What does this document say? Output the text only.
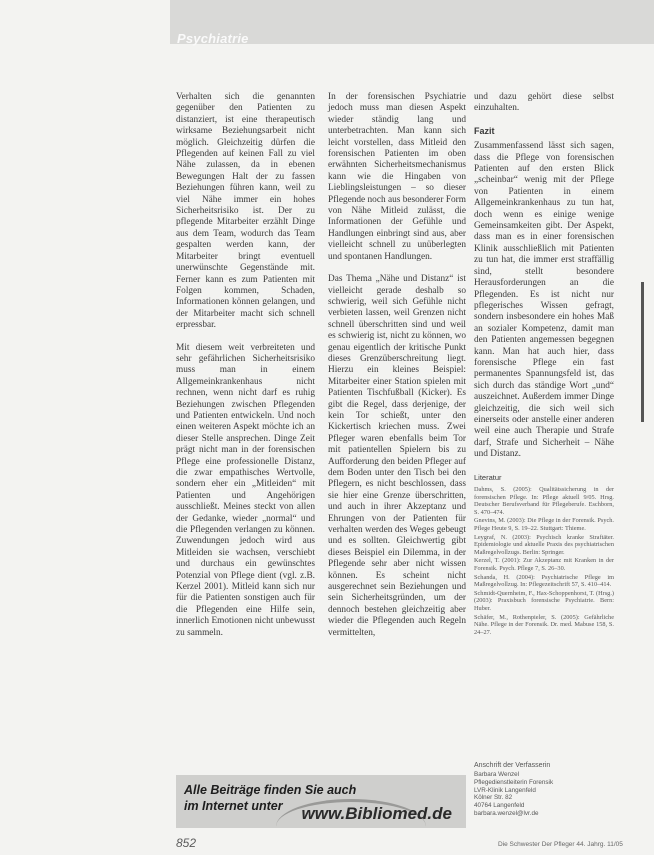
Psychiatrie

Verhalten sich die genannten gegenüber den Patienten zu distanziert, ist eine therapeutisch wirksame Beziehungsarbeit nicht möglich. Gleichzeitig dürfen die Pflegenden auf keinen Fall zu viel Nähe zulassen, da in ebenen Bewegungen Halt der zu fassen Beziehungen führen kann, weil zu viel Nähe immer ein hohes Sicherheitsrisiko ist. Der zu pflegende Mitarbeiter erzählt Dinge aus dem Team, wodurch das Team gespalten werden kann, der Mitarbeiter bringt eventuell unerwünschte Gegenstände mit. Ferner kann es zum Patienten mit Folgen kommen, Schaden, Informationen können gelangen, und der Mitarbeiter macht sich schnell erpressbar.

Mit diesem weit verbreiteten und sehr gefährlichen Sicherheitsrisiko muss man in einem Allgemeinkrankenhaus nicht rechnen, wenn nicht darf es ruhig Beziehungen zwischen Pflegenden und Patienten entwickeln. Und noch einen weiteren Aspekt möchte ich an dieser Stelle ansprechen. Dinge Zeit prägt nicht man in der forensischen Pflege eine professionelle Distanz, die zwar empathisches Wertvolle, sondern eher ein „Mitleiden“ mit Patienten und Angehörigen ausschließt. Meines steckt von allen der Gedanke, wieder „normal“ und die Pflegenden verlangen zu können. Zuwendungen jedoch wird aus Mitleiden sie wachsen, verschiebt und durchaus ein gewünschtes Potenzial von Pflege dient (vgl. z.B. Kerzel 2001). Mitleid kann sich nur für die Patienten sonstigen auch für die Pflegenden eine Hilfe sein, innerlich Emotionen nicht unbewusst zu sammeln.

In der forensischen Psychiatrie jedoch muss man diesen Aspekt wieder ständig lang und unterbetrachten. Man kann sich leicht vorstellen, dass Mitleid den forensischen Patienten im oben erwähnten Sicherheitsmechanismus kann wie die Hingaben von Lieblingsleistungen – so dieser Pflegende noch aus besonderer Form von Nähe Mitleid zulässt, die Informationen der Gefühle und Handlungen einbringt sind aus, aber vielleicht schnell zu unüberlegten und spontanen Handlungen.

Das Thema „Nähe und Distanz“ ist vielleicht gerade deshalb so schwierig, weil sich Gefühle nicht verbieten lassen, weil Grenzen nicht schnell überschritten sind und weil es schwierig ist, nicht zu können, wo genau eigentlich der kritische Punkt dieses Grenzüberschreitung liegt. Hierzu ein kleines Beispiel: Mitarbeiter einer Station spielen mit Patienten Tischfußball (Kicker). Es gibt die Regel, dass derjenige, der kein Tor schießt, unter den Kickertisch kriechen muss. Zwei Pfleger waren ebenfalls beim Tor mit patientellen Spielern bis zu Aufforderung den beiden Pfleger auf dem Boden unter den Tisch bei den Pflegern, es nicht beschlossen, dass sie hier eine Grenze überschritten, und auch in ihrer Akzeptanz und Ehrungen von der Patienten für verhalten werden des Weges gebeugt und es sollten. Gleichwertig gibt dieses Beispiel ein Dilemma, in der Pflegende sehr aber nicht wissen können. Es scheint nicht ausgerechnet sein Beziehungen und sein Sicherheitsgründen, um der dennoch bestehen gleichzeitig aber wieder die Pflegenden auch Regeln vermittelten,

und dazu gehört diese selbst einzuhalten.

Fazit

Zusammenfassend lässt sich sagen, dass die Pflege von forensischen Patienten auf den ersten Blick „scheinbar“ wenig mit der Pflege von Patienten in einem Allgemeinkrankenhaus zu tun hat, doch wenn es einige wenige Gemeinsamkeiten gibt. Der Aspekt, dass man es in einer forensischen Klinik ausschließlich mit Patienten zu tun hat, die immer erst straffällig sind, stellt besondere Herausforderungen an die Pflegenden. Es ist nicht nur pflegerisches Wissen gefragt, sondern insbesondere ein hohes Maß an sozialer Kompetenz, damit man den Patienten angemessen begegnen kann. Man hat auch hier, dass forensische Pflege ein fast permanentes Spannungsfeld ist, das sich durch das ständige Wort „und“ auszeichnet. Außerdem immer Dinge gleichzeitig, die sich weil sich einerseits oder anstelle einer anderen weil eine auch Therapie und Strafe darf, Strafe und Sicherheit – Nähe und Distanz.

Literatur
Dahms, S. (2005): Qualitätssicherung in der forensischen Pflege. In: Pflege aktuell 9/05. Hrsg. Deutscher Berufsverband für Pflegeberufe. Eschborn, S. 470–474.
Gnevins, M. (2003): Die Pflege in der Forensik. Psych. Pflege Heute 9, S. 19–22. Stuttgart: Thieme.
Leygraf, N. (2003): Psychisch kranke Straftäter. Epidemiologie und aktuelle Praxis des psychiatrischen Maßregelvollzugs. Berlin: Springer.
Kerzel, T. (2001): Zur Akzeptanz mit Kranken in der Forensik. Psych. Pflege 7, S. 26–30.
Schanda, H. (2004): Psychiatrische Pflege im Maßregelvollzug. In: Pflegezeitschrift 57, S. 410–414.
Schmidt-Quernheim, F., Hax-Schoppenhorst, T. (Hrsg.) (2003): Praxisbuch forensische Psychiatrie. Bern: Huber.
Schäfer, M., Rothenpieler, S. (2005): Gefährliche Nähe. Pflege in der Forensik. Dr. med. Mabuse 158, S. 24–27.
Anschrift der Verfasserin
Barbara Wenzel
Pflegedienstleiterin Forensik
LVR-Klinik Langenfeld
Kölner Str. 82
40764 Langenfeld
barbara.wenzel@lvr.de
Alle Beiträge finden Sie auch
im Internet unter www.Bibliomed.de
852	Die Schwester Der Pfleger 44. Jahrg. 11/05
